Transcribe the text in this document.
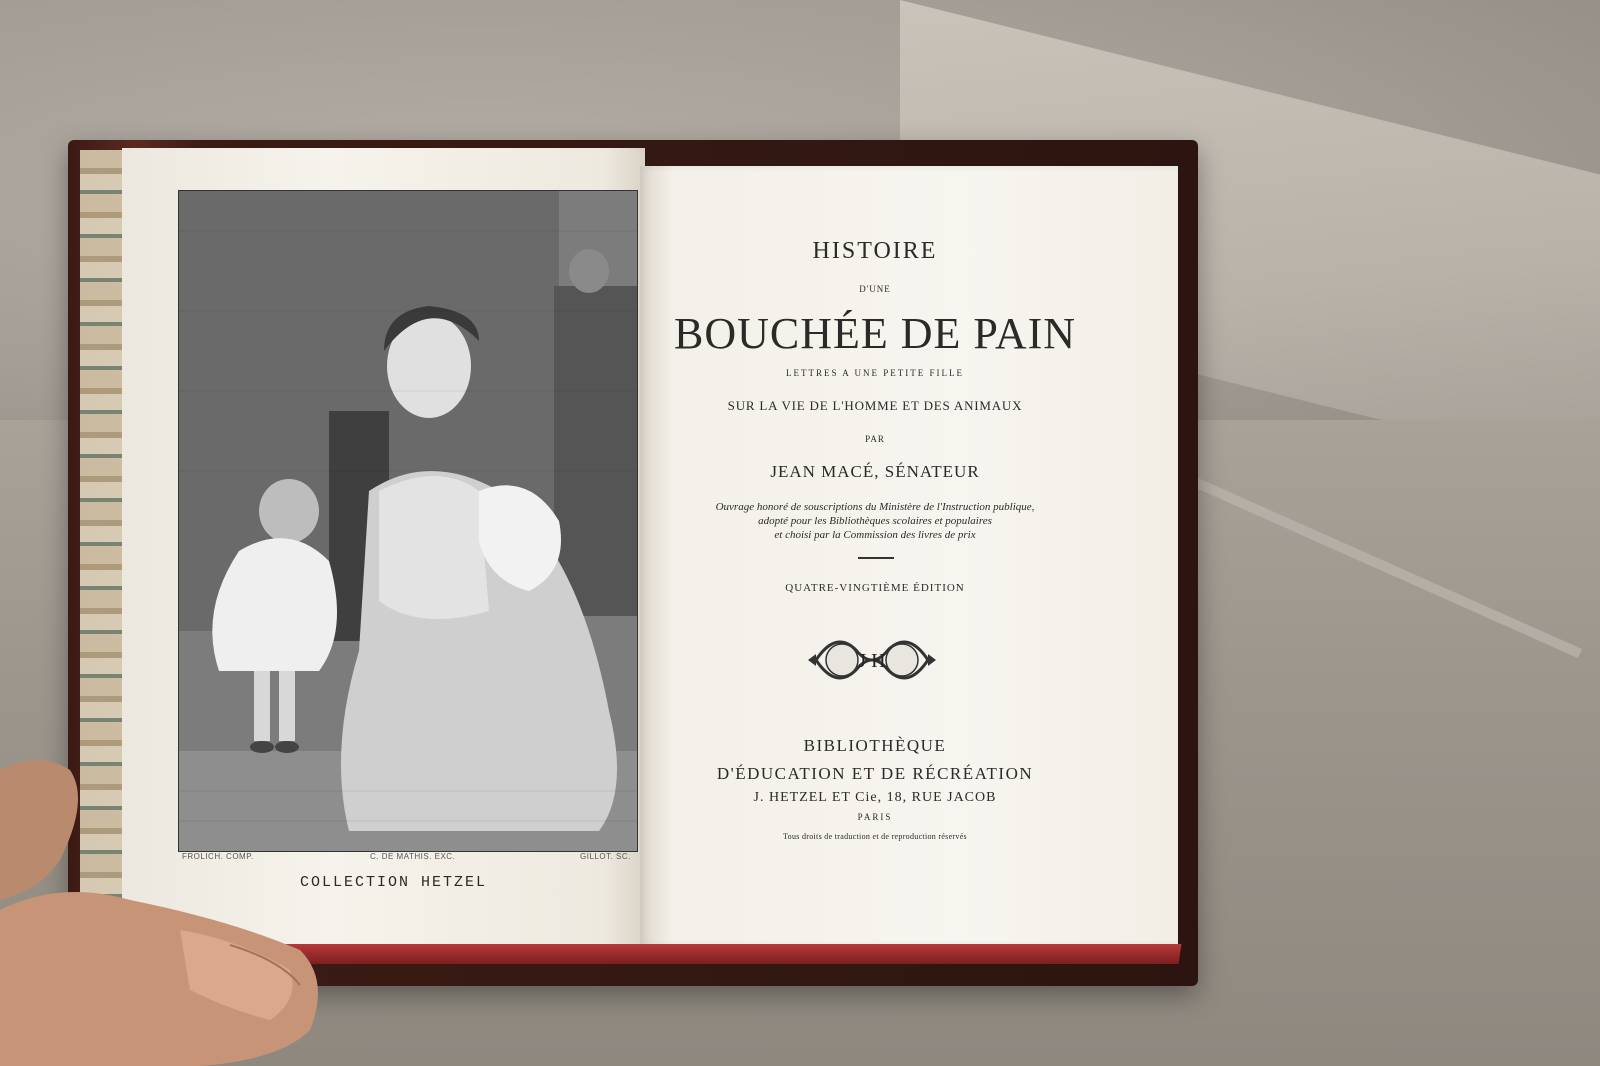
FROLICH. COMP.	C. DE MATHIS. EXC.	GILLOT. SC.
COLLECTION HETZEL
HISTOIRE
D'UNE
BOUCHÉE DE PAIN
LETTRES A UNE PETITE FILLE
SUR LA VIE DE L'HOMME ET DES ANIMAUX
PAR
JEAN MACÉ, SÉNATEUR
Ouvrage honoré de souscriptions du Ministère de l'Instruction publique,
adopté pour les Bibliothèques scolaires et populaires
et choisi par la Commission des livres de prix
QUATRE-VINGTIÈME ÉDITION
J H
BIBLIOTHÈQUE
D'ÉDUCATION ET DE RÉCRÉATION
J. HETZEL ET Cie, 18, RUE JACOB
PARIS
Tous droits de traduction et de reproduction réservés
